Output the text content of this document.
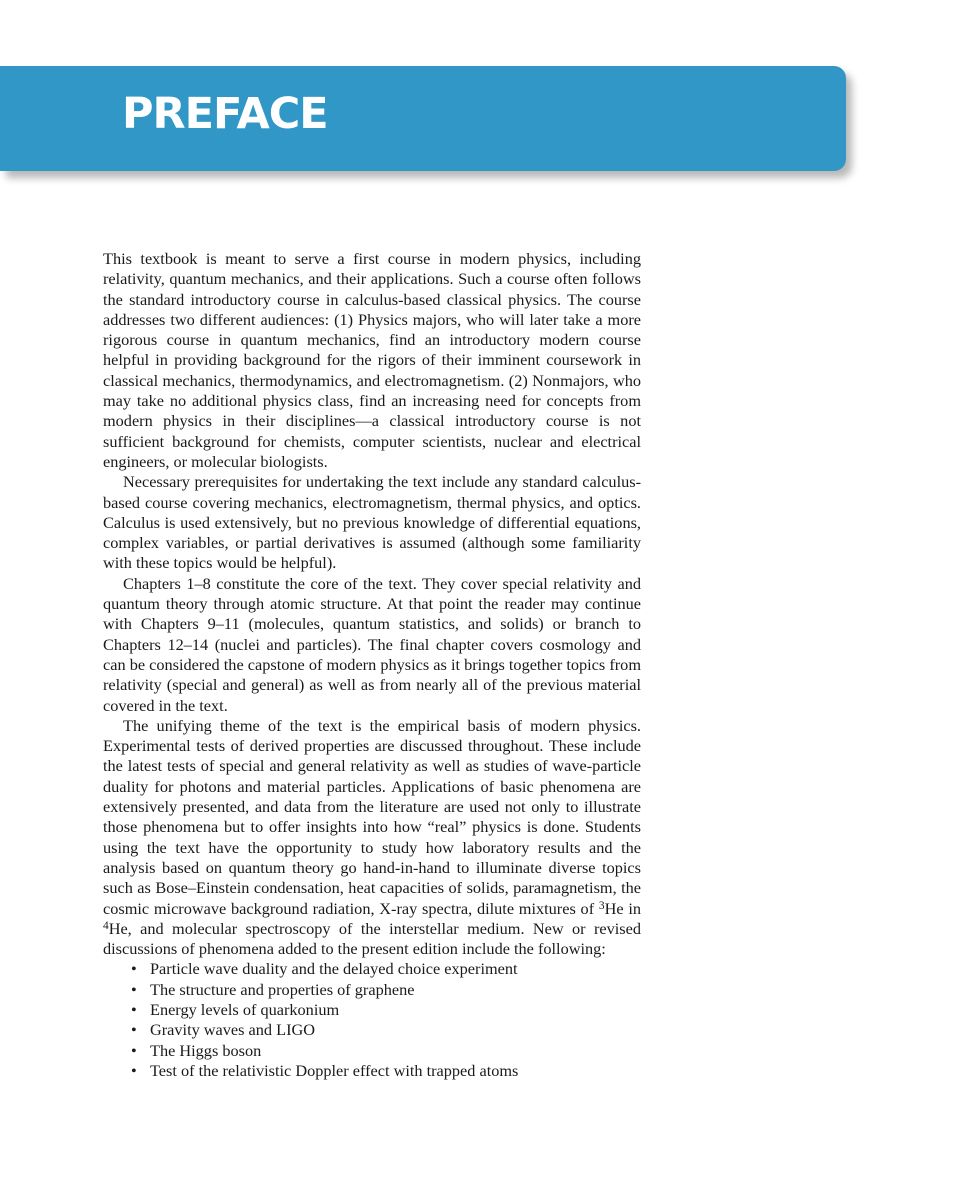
PREFACE

This textbook is meant to serve a first course in modern physics, including relativity, quantum mechanics, and their applications. Such a course often follows the standard introductory course in calculus-based classical physics. The course addresses two different audiences: (1) Physics majors, who will later take a more rigorous course in quantum mechanics, find an introductory modern course helpful in providing background for the rigors of their imminent coursework in classical mechanics, thermodynamics, and electromagnetism. (2) Nonmajors, who may take no additional physics class, find an increasing need for concepts from modern physics in their disciplines—a classical introductory course is not sufficient background for chemists, computer scientists, nuclear and electrical engineers, or molecular biologists.

Necessary prerequisites for undertaking the text include any standard calculus-based course covering mechanics, electromagnetism, thermal physics, and optics. Calculus is used extensively, but no previous knowledge of differential equations, complex variables, or partial derivatives is assumed (although some familiarity with these topics would be helpful).

Chapters 1–8 constitute the core of the text. They cover special relativity and quantum theory through atomic structure. At that point the reader may continue with Chapters 9–11 (molecules, quantum statistics, and solids) or branch to Chapters 12–14 (nuclei and particles). The final chapter covers cosmology and can be considered the capstone of modern physics as it brings together topics from relativity (special and general) as well as from nearly all of the previous material covered in the text.

The unifying theme of the text is the empirical basis of modern physics. Experimental tests of derived properties are discussed throughout. These include the latest tests of special and general relativity as well as studies of wave-particle duality for photons and material particles. Applications of basic phenomena are extensively presented, and data from the literature are used not only to illustrate those phenomena but to offer insights into how “real” physics is done. Students using the text have the opportunity to study how laboratory results and the analysis based on quantum theory go hand-in-hand to illuminate diverse topics such as Bose–Einstein condensation, heat capacities of solids, paramagnetism, the cosmic microwave background radiation, X-ray spectra, dilute mixtures of $^3$He in $^4$He, and molecular spectroscopy of the interstellar medium. New or revised discussions of phenomena added to the present edition include the following:

• Particle wave duality and the delayed choice experiment
• The structure and properties of graphene
• Energy levels of quarkonium
• Gravity waves and LIGO
• The Higgs boson
• Test of the relativistic Doppler effect with trapped atoms
